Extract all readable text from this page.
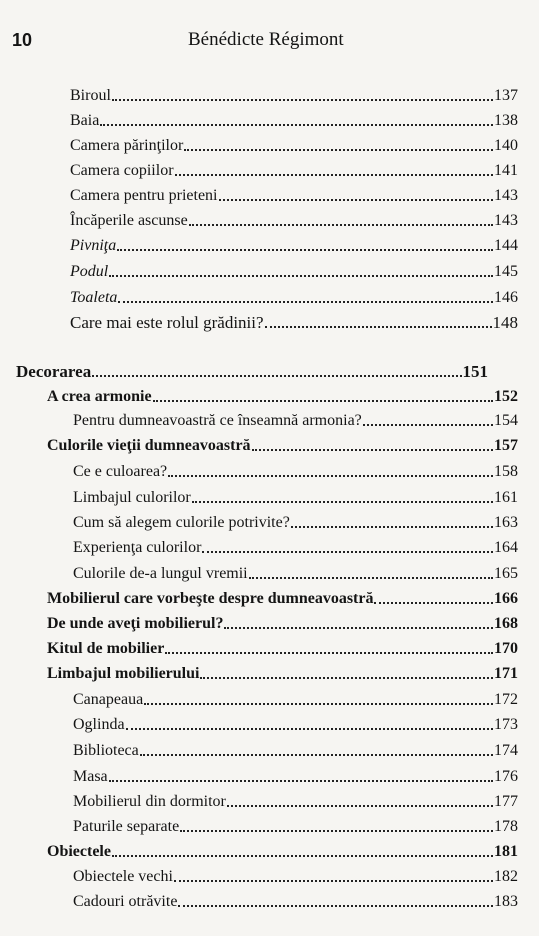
10	Bénédicte Régimont
Biroul	137
Baia	138
Camera părinţilor	140
Camera copiilor	141
Camera pentru prieteni	143
Încăperile ascunse	143
Pivniţa	144
Podul	145
Toaleta	146
Care mai este rolul grădinii?	148
Decorarea	151
A crea armonie	152
Pentru dumneavoastră ce înseamnă armonia?	154
Culorile vieţii dumneavoastră	157
Ce e culoarea?	158
Limbajul culorilor	161
Cum să alegem culorile potrivite?	163
Experienţa culorilor	164
Culorile de-a lungul vremii	165
Mobilierul care vorbeşte despre dumneavoastră	166
De unde aveţi mobilierul?	168
Kitul de mobilier	170
Limbajul mobilierului	171
Canapeaua	172
Oglinda	173
Biblioteca	174
Masa	176
Mobilierul din dormitor	177
Paturile separate	178
Obiectele	181
Obiectele vechi	182
Cadouri otrăvite	183
